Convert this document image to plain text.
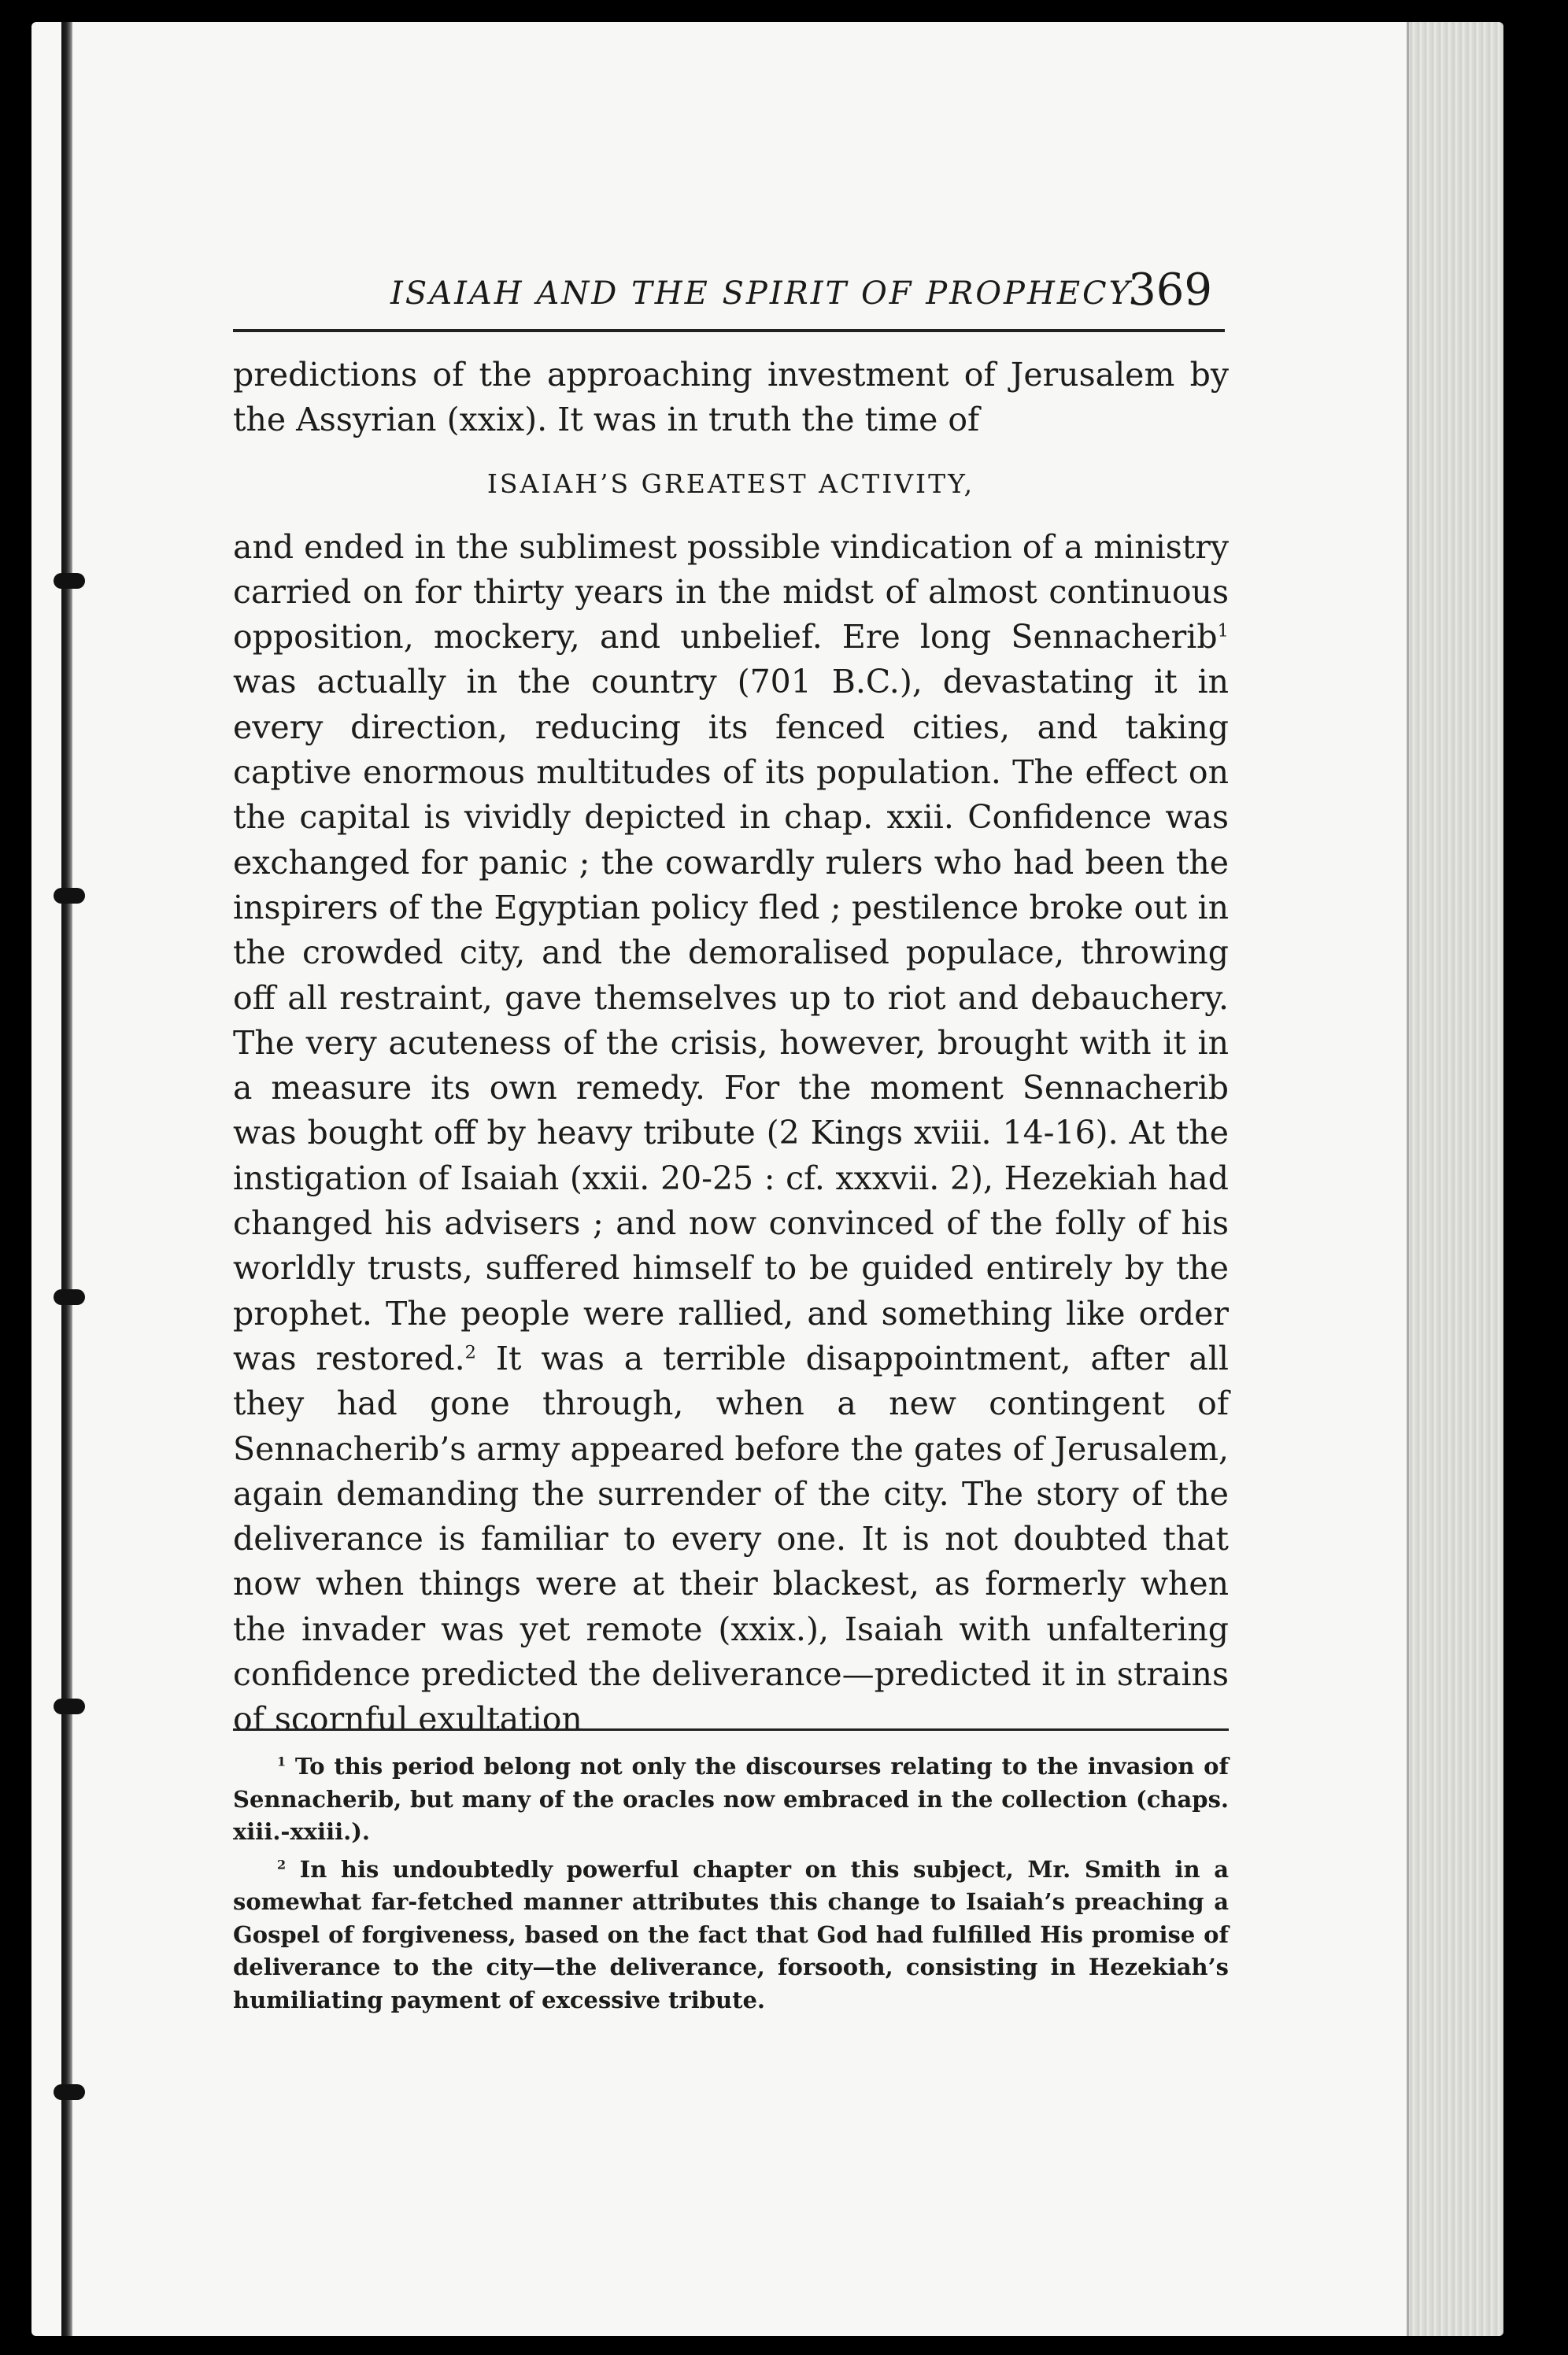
ISAIAH AND THE SPIRIT OF PROPHECY.
369

predictions of the approaching investment of Jerusalem by the Assyrian (xxix). It was in truth the time of

ISAIAH’S GREATEST ACTIVITY,

and ended in the sublimest possible vindication of a ministry carried on for thirty years in the midst of almost continuous opposition, mockery, and unbelief. Ere long Sennacherib$^1$ was actually in the country (701 B.C.), devastating it in every direction, reducing its fenced cities, and taking captive enormous multitudes of its population. The effect on the capital is vividly depicted in chap. xxii. Confidence was exchanged for panic ; the cowardly rulers who had been the inspirers of the Egyptian policy fled ; pestilence broke out in the crowded city, and the demoralised populace, throwing off all restraint, gave themselves up to riot and debauchery. The very acuteness of the crisis, however, brought with it in a measure its own remedy. For the moment Sennacherib was bought off by heavy tribute (2 Kings xviii. 14-16). At the instigation of Isaiah (xxii. 20-25 : cf. xxxvii. 2), Hezekiah had changed his advisers ; and now convinced of the folly of his worldly trusts, suffered himself to be guided entirely by the prophet. The people were rallied, and something like order was restored.$^2$ It was a terrible disappointment, after all they had gone through, when a new contingent of Sennacherib’s army appeared before the gates of Jerusalem, again demanding the surrender of the city. The story of the deliverance is familiar to every one. It is not doubted that now when things were at their blackest, as formerly when the invader was yet remote (xxix.), Isaiah with unfaltering confidence predicted the deliverance—predicted it in strains of scornful exultation

$^1$ To this period belong not only the discourses relating to the invasion of Sennacherib, but many of the oracles now embraced in the collection (chaps. xiii.-xxiii.).

$^2$ In his undoubtedly powerful chapter on this subject, Mr. Smith in a somewhat far-fetched manner attributes this change to Isaiah’s preaching a Gospel of forgiveness, based on the fact that God had fulfilled His promise of deliverance to the city—the deliverance, forsooth, consisting in Hezekiah’s humiliating payment of excessive tribute.
